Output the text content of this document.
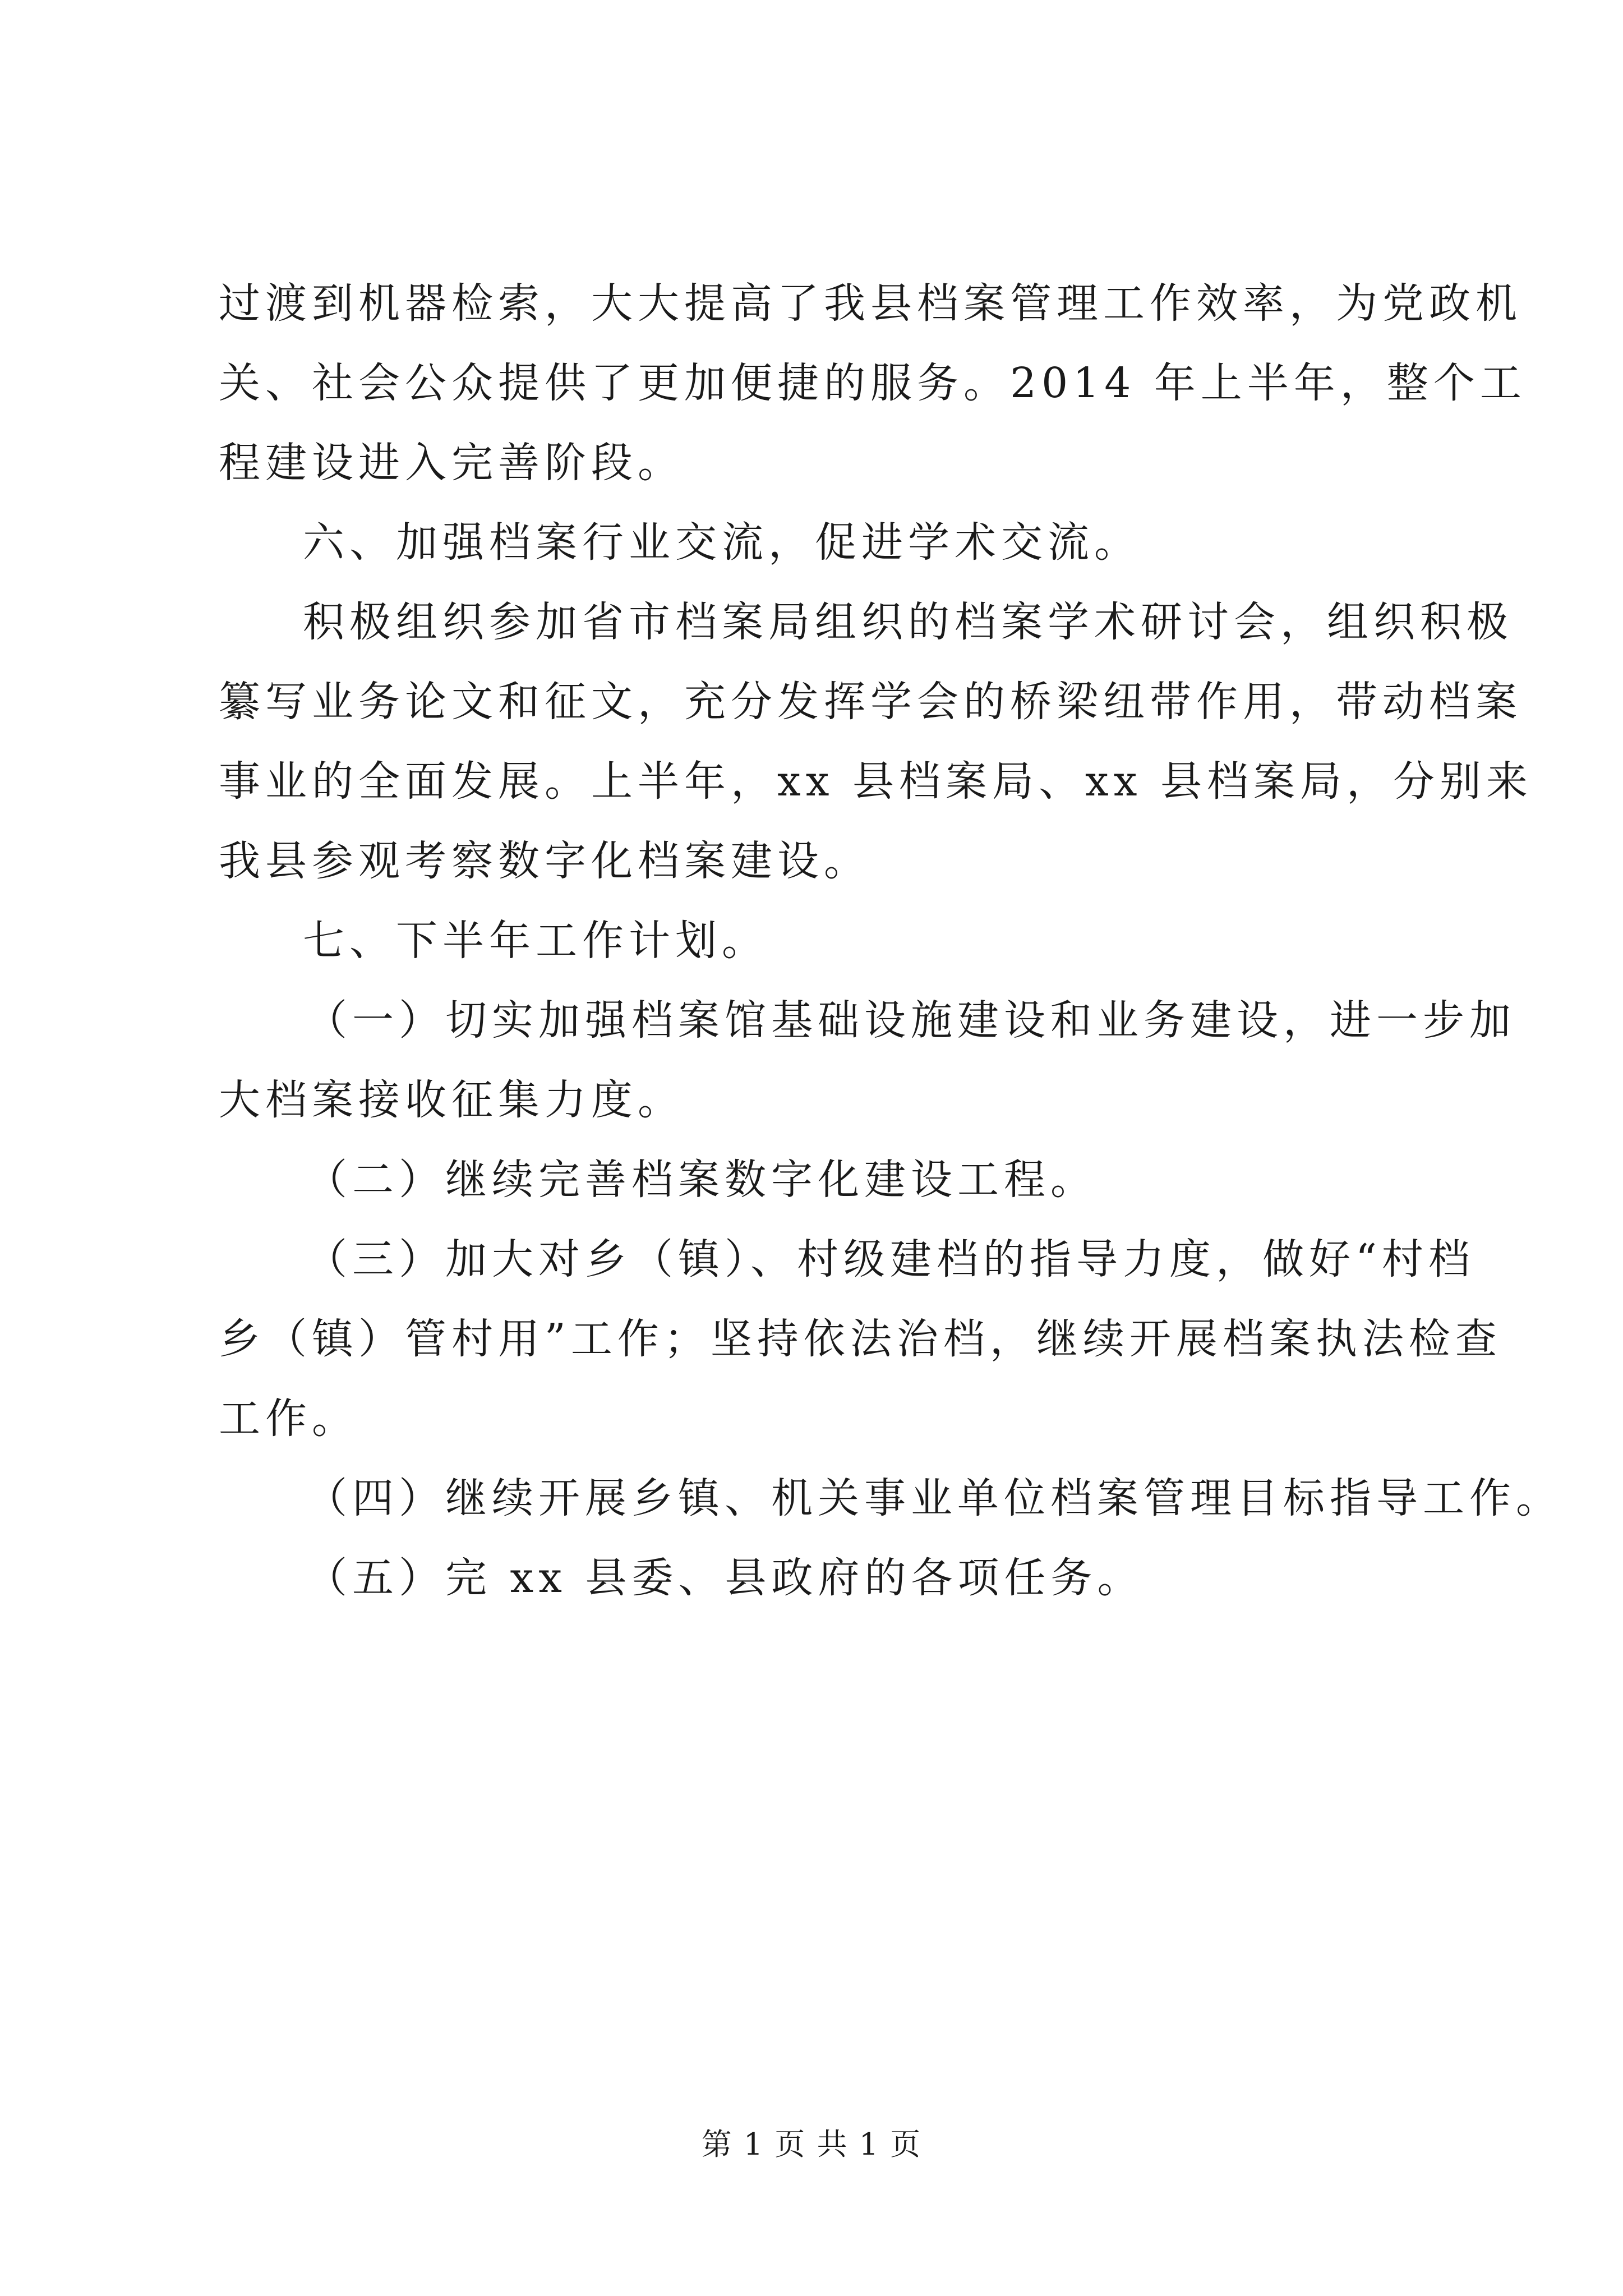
过渡到机器检索，大大提高了我县档案管理工作效率，为党政机
关、社会公众提供了更加便捷的服务。2014 年上半年，整个工
程建设进入完善阶段。
六、加强档案行业交流，促进学术交流。
积极组织参加省市档案局组织的档案学术研讨会，组织积极
纂写业务论文和征文，充分发挥学会的桥梁纽带作用，带动档案
事业的全面发展。上半年，xx 县档案局、xx 县档案局，分别来
我县参观考察数字化档案建设。
七、下半年工作计划。
（一）切实加强档案馆基础设施建设和业务建设，进一步加
大档案接收征集力度。
（二）继续完善档案数字化建设工程。
（三）加大对乡（镇）、村级建档的指导力度，做好“村档
乡（镇）管村用”工作；坚持依法治档，继续开展档案执法检查
工作。
（四）继续开展乡镇、机关事业单位档案管理目标指导工作。
（五）完 xx 县委、县政府的各项任务。
第 1 页 共 1 页
